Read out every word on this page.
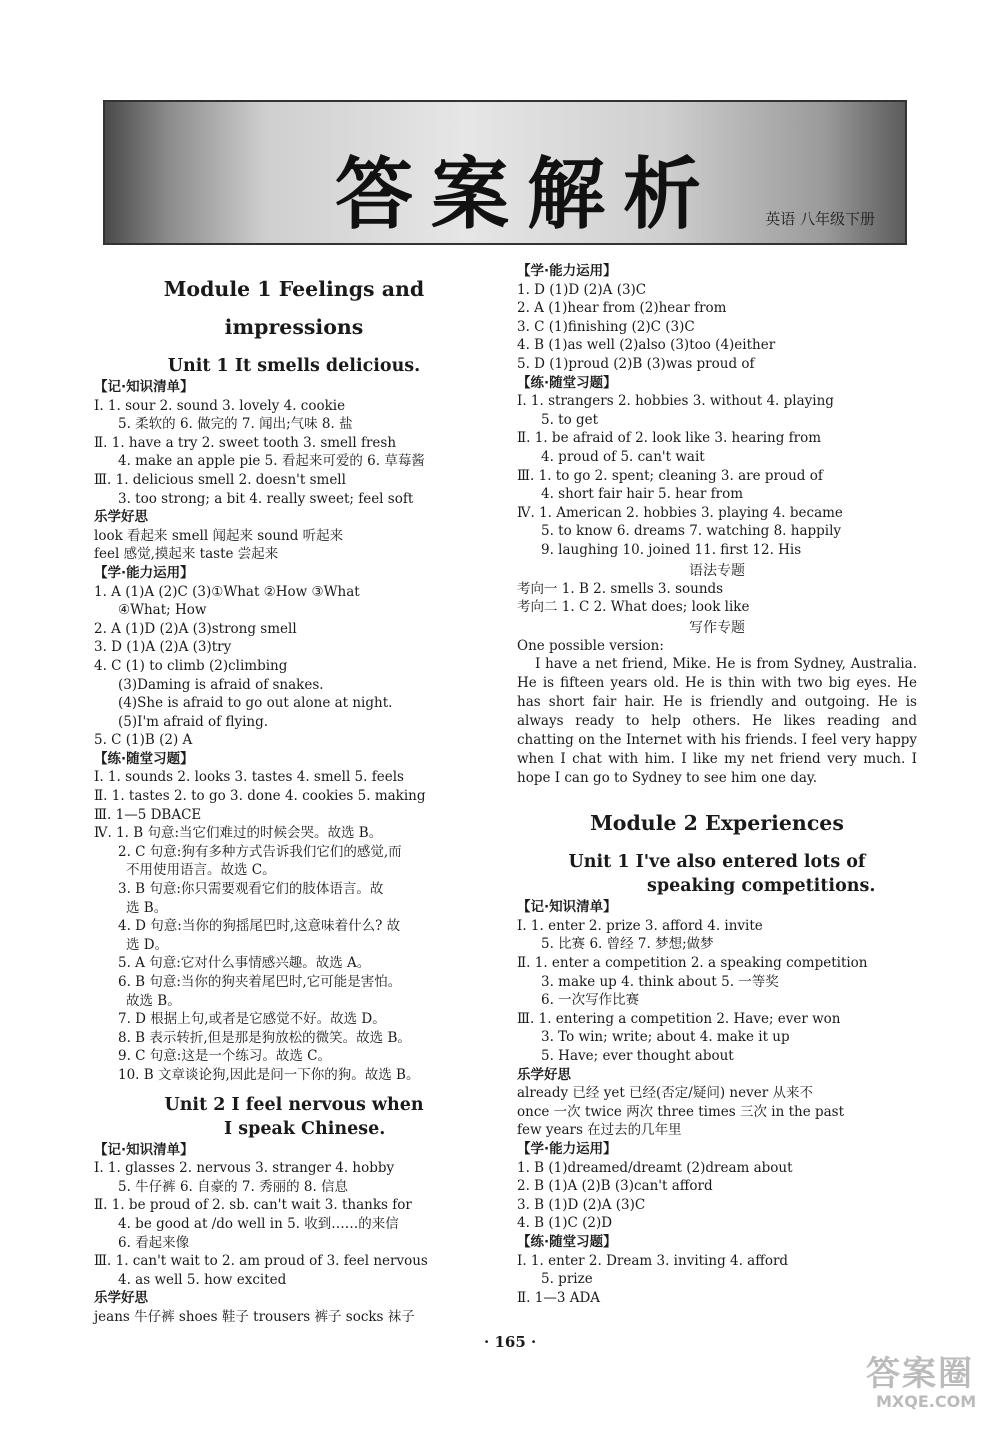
答案解析	英语 八年级下册
Module 1 Feelings and impressions
Unit 1 It smells delicious.
【记·知识清单】
Ⅰ. 1. sour 2. sound 3. lovely 4. cookie
5. 柔软的 6. 做完的 7. 闻出;气味 8. 盐
Ⅱ. 1. have a try 2. sweet tooth 3. smell fresh
4. make an apple pie 5. 看起来可爱的 6. 草莓酱
Ⅲ. 1. delicious smell 2. doesn't smell
3. too strong; a bit 4. really sweet; feel soft
乐学好思
look 看起来 smell 闻起来 sound 听起来
feel 感觉,摸起来 taste 尝起来
【学·能力运用】
1. A (1)A (2)C (3)①What ②How ③What
④What; How
2. A (1)D (2)A (3)strong smell
3. D (1)A (2)A (3)try
4. C (1) to climb (2)climbing
(3)Daming is afraid of snakes.
(4)She is afraid to go out alone at night.
(5)I'm afraid of flying.
5. C (1)B (2) A
【练·随堂习题】
Ⅰ. 1. sounds 2. looks 3. tastes 4. smell 5. feels
Ⅱ. 1. tastes 2. to go 3. done 4. cookies 5. making
Ⅲ. 1—5 DBACE
Ⅳ. 1. B 句意:当它们难过的时候会哭。故选 B。
2. C 句意:狗有多种方式告诉我们它们的感觉,而
不用使用语言。故选 C。
3. B 句意:你只需要观看它们的肢体语言。故
选 B。
4. D 句意:当你的狗摇尾巴时,这意味着什么? 故
选 D。
5. A 句意:它对什么事情感兴趣。故选 A。
6. B 句意:当你的狗夹着尾巴时,它可能是害怕。
故选 B。
7. D 根据上句,或者是它感觉不好。故选 D。
8. B 表示转折,但是那是狗放松的微笑。故选 B。
9. C 句意:这是一个练习。故选 C。
10. B 文章谈论狗,因此是问一下你的狗。故选 B。
Unit 2 I feel nervous when
I speak Chinese.
【记·知识清单】
Ⅰ. 1. glasses 2. nervous 3. stranger 4. hobby
5. 牛仔裤 6. 自豪的 7. 秀丽的 8. 信息
Ⅱ. 1. be proud of 2. sb. can't wait 3. thanks for
4. be good at /do well in 5. 收到……的来信
6. 看起来像
Ⅲ. 1. can't wait to 2. am proud of 3. feel nervous
4. as well 5. how excited
乐学好思
jeans 牛仔裤 shoes 鞋子 trousers 裤子 socks 袜子
【学·能力运用】
1. D (1)D (2)A (3)C
2. A (1)hear from (2)hear from
3. C (1)finishing (2)C (3)C
4. B (1)as well (2)also (3)too (4)either
5. D (1)proud (2)B (3)was proud of
【练·随堂习题】
Ⅰ. 1. strangers 2. hobbies 3. without 4. playing
5. to get
Ⅱ. 1. be afraid of 2. look like 3. hearing from
4. proud of 5. can't wait
Ⅲ. 1. to go 2. spent; cleaning 3. are proud of
4. short fair hair 5. hear from
Ⅳ. 1. American 2. hobbies 3. playing 4. became
5. to know 6. dreams 7. watching 8. happily
9. laughing 10. joined 11. first 12. His
语法专题
考向一 1. B 2. smells 3. sounds
考向二 1. C 2. What does; look like
写作专题
One possible version:
I have a net friend, Mike. He is from Sydney, Australia. He is fifteen years old. He is thin with two big eyes. He has short fair hair. He is friendly and outgoing. He is always ready to help others. He likes reading and chatting on the Internet with his friends. I feel very happy when I chat with him. I like my net friend very much. I hope I can go to Sydney to see him one day.
Module 2 Experiences
Unit 1 I've also entered lots of
speaking competitions.
【记·知识清单】
Ⅰ. 1. enter 2. prize 3. afford 4. invite
5. 比赛 6. 曾经 7. 梦想;做梦
Ⅱ. 1. enter a competition 2. a speaking competition
3. make up 4. think about 5. 一等奖
6. 一次写作比赛
Ⅲ. 1. entering a competition 2. Have; ever won
3. To win; write; about 4. make it up
5. Have; ever thought about
乐学好思
already 已经 yet 已经(否定/疑问) never 从来不
once 一次 twice 两次 three times 三次 in the past
few years 在过去的几年里
【学·能力运用】
1. B (1)dreamed/dreamt (2)dream about
2. B (1)A (2)B (3)can't afford
3. B (1)D (2)A (3)C
4. B (1)C (2)D
【练·随堂习题】
Ⅰ. 1. enter 2. Dream 3. inviting 4. afford
5. prize
Ⅱ. 1—3 ADA
· 165 ·
答案圈
MXQE.COM
